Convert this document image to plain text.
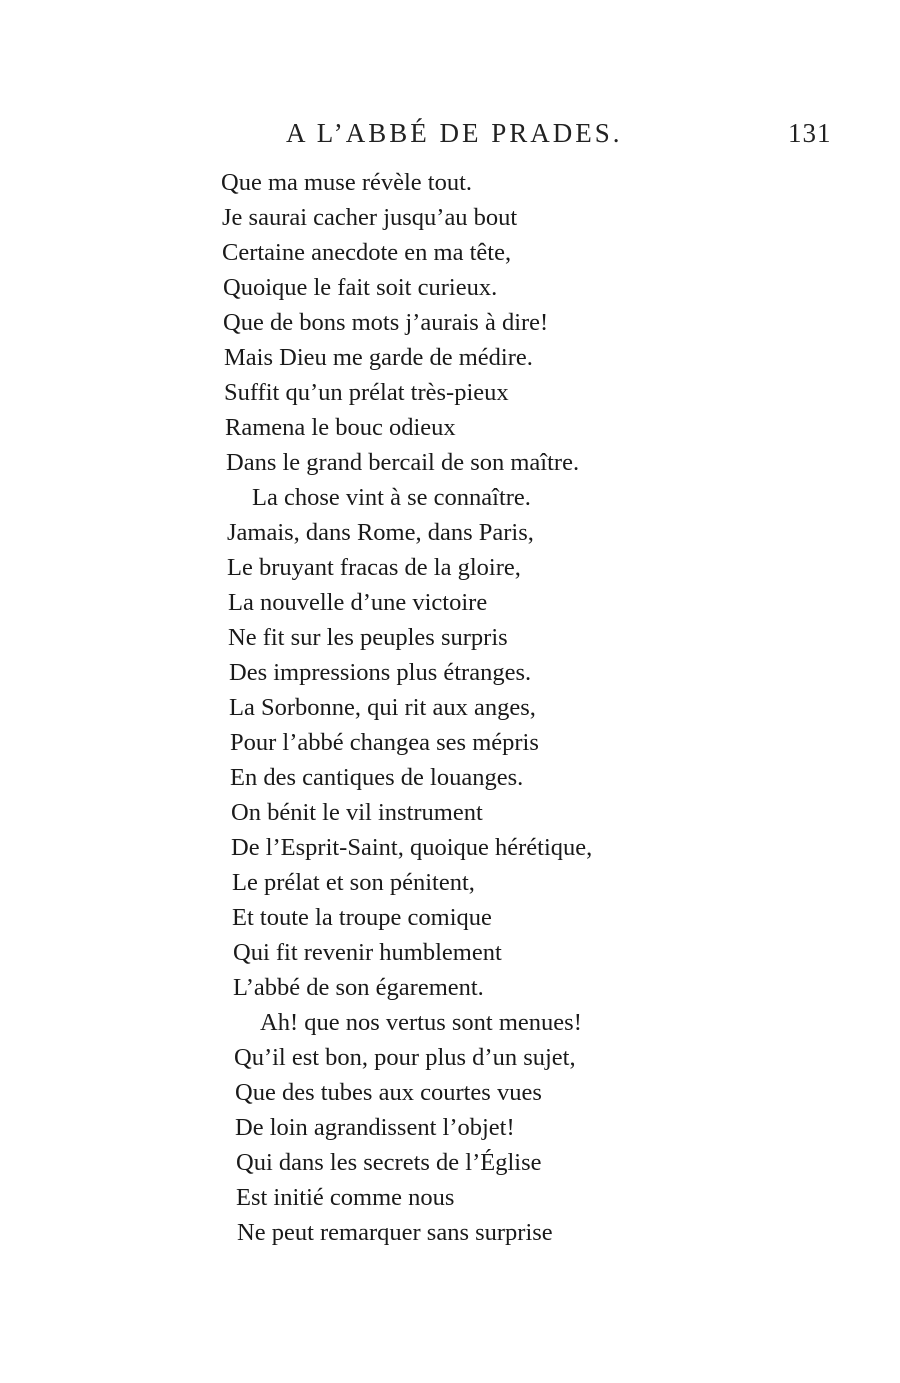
A L’ABBÉ DE PRADES.	131
Que ma muse révèle tout.
Je saurai cacher jusqu’au bout
Certaine anecdote en ma tête,
Quoique le fait soit curieux.
Que de bons mots j’aurais à dire!
Mais Dieu me garde de médire.
Suffit qu’un prélat très-pieux
Ramena le bouc odieux
Dans le grand bercail de son maître.
La chose vint à se connaître.
Jamais, dans Rome, dans Paris,
Le bruyant fracas de la gloire,
La nouvelle d’une victoire
Ne fit sur les peuples surpris
Des impressions plus étranges.
La Sorbonne, qui rit aux anges,
Pour l’abbé changea ses mépris
En des cantiques de louanges.
On bénit le vil instrument
De l’Esprit-Saint, quoique hérétique,
Le prélat et son pénitent,
Et toute la troupe comique
Qui fit revenir humblement
L’abbé de son égarement.
Ah! que nos vertus sont menues!
Qu’il est bon, pour plus d’un sujet,
Que des tubes aux courtes vues
De loin agrandissent l’objet!
Qui dans les secrets de l’Église
Est initié comme nous
Ne peut remarquer sans surprise
